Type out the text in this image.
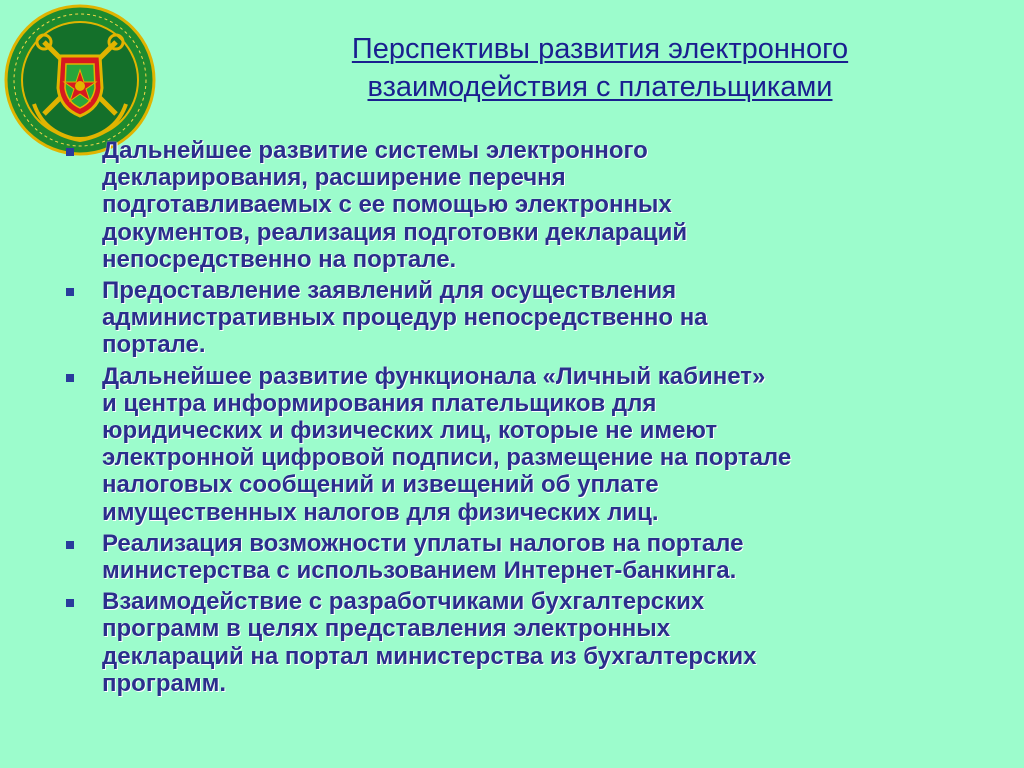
Перспективы развития электронного
взаимодействия с плательщиками
Дальнейшее развитие системы электронного
декларирования, расширение перечня
подготавливаемых с ее помощью электронных
документов, реализация подготовки деклараций
непосредственно на портале.
Предоставление заявлений для осуществления
административных процедур непосредственно на
портале.
Дальнейшее развитие функционала «Личный кабинет»
и центра информирования плательщиков для
юридических и физических лиц, которые не имеют
электронной цифровой подписи, размещение на портале
налоговых сообщений и извещений об уплате
имущественных налогов для физических лиц.
Реализация возможности уплаты налогов на портале
министерства с использованием Интернет-банкинга.
Взаимодействие с разработчиками бухгалтерских
программ в целях представления электронных
деклараций на портал министерства из бухгалтерских
программ.
